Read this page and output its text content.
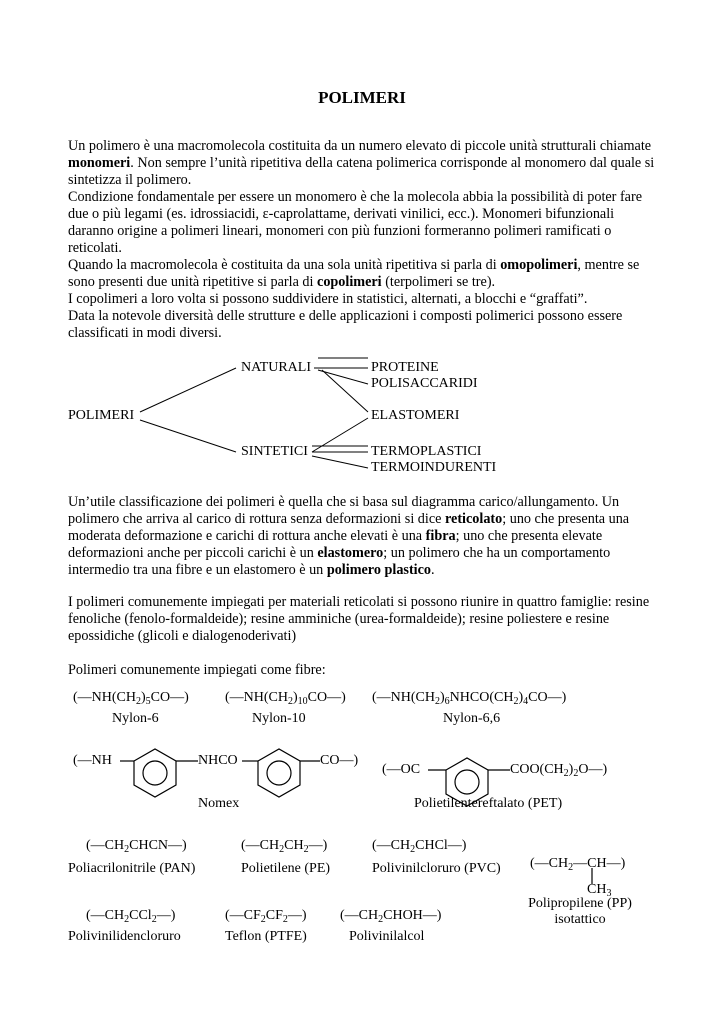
POLIMERI
Un polimero è una macromolecola costituita da un numero elevato di piccole unità strutturali chiamate monomeri. Non sempre l’unità ripetitiva della catena polimerica corrisponde al monomero dal quale si sintetizza il polimero.
Condizione fondamentale per essere un monomero è che la molecola abbia la possibilità di poter fare due o più legami (es. idrossiacidi, ε-caprolattame, derivati vinilici, ecc.). Monomeri bifunzionali daranno origine a polimeri lineari, monomeri con più funzioni formeranno polimeri ramificati o reticolati.
Quando la macromolecola è costituita da una sola unità ripetitiva si parla di omopolimeri, mentre se sono presenti due unità ripetitive si parla di copolimeri (terpolimeri se tre).
I copolimeri a loro volta si possono suddividere in statistici, alternati, a blocchi e “graffati”.
Data la notevole diversità delle strutture e delle applicazioni i composti polimerici possono essere classificati in modi diversi.
POLIMERI
NATURALI
SINTETICI
PROTEINE
POLISACCARIDI
ELASTOMERI
TERMOPLASTICI
TERMOINDURENTI
Un’utile classificazione dei polimeri è quella che si basa sul diagramma carico/allungamento. Un polimero che arriva al carico di rottura senza deformazioni si dice reticolato; uno che presenta una moderata deformazione e carichi di rottura anche elevati è una fibra; uno che presenta elevate deformazioni anche per piccoli carichi è un elastomero; un polimero che ha un comportamento intermedio tra una fibre e un elastomero è un polimero plastico.
I polimeri comunemente impiegati per materiali reticolati si possono riunire in quattro famiglie: resine fenoliche (fenolo-formaldeide); resine amminiche (urea-formaldeide); resine poliestere e resine epossidiche (glicoli e dialogenoderivati)
Polimeri comunemente impiegati come fibre:
$(—NH(CH_2)_5CO—)$
Nylon-6
$(—NH(CH_2)_{10}CO—)$
Nylon-10
$(—NH(CH_2)_6NHCO(CH_2)_4CO—)$
Nylon-6,6
(—NH	NHCO	CO—)
Nomex
(—OC	$COO(CH_2)_2O—$)
Polietilentereftalato (PET)
$(—CH_2CHCN—)$
Poliacrilonitrile (PAN)
$(—CH_2CH_2—)$
Polietilene (PE)
$(—CH_2CHCl—)$
Polivinilcloruro (PVC) $(—CH_2—CH—)$
$CH_3$
Polipropilene (PP) isotattico
$(—CH_2CCl_2—)$
Polivinilidencloruro
$(—CF_2CF_2—)$
Teflon (PTFE)
$(—CH_2CHOH—)$
Polivinilalcol
